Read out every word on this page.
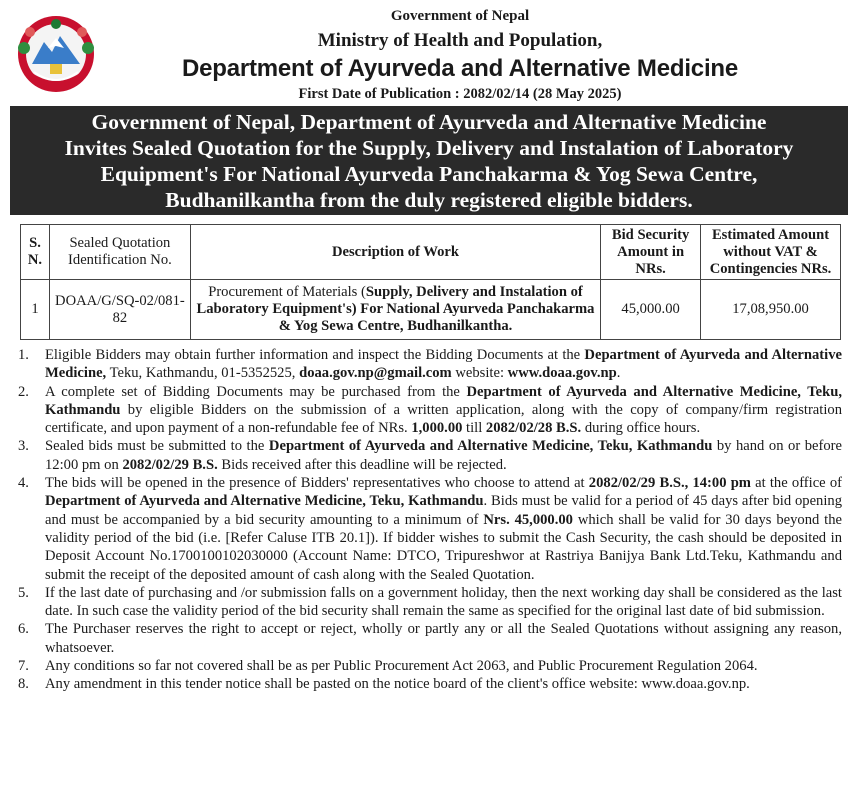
Government of Nepal
Ministry of Health and Population,
Department of Ayurveda and Alternative Medicine
First Date of Publication : 2082/02/14 (28 May 2025)
Government of Nepal, Department of Ayurveda and Alternative Medicine
Invites Sealed Quotation for the Supply, Delivery and Instalation of Laboratory
Equipment's For National Ayurveda Panchakarma & Yog Sewa Centre,
Budhanilkantha from the duly registered eligible bidders.
S. N.	Sealed Quotation Identification No.	Description of Work	Bid Security Amount in NRs.	Estimated Amount without VAT & Contingencies NRs.
1	DOAA/G/SQ-02/081-82	Procurement of Materials (Supply, Delivery and Instalation of Laboratory Equipment's) For National Ayurveda Panchakarma & Yog Sewa Centre, Budhanilkantha.	45,000.00	17,08,950.00
1. Eligible Bidders may obtain further information and inspect the Bidding Documents at the Department of Ayurveda and Alternative Medicine, Teku, Kathmandu, 01-5352525, doaa.gov.np@gmail.com website: www.doaa.gov.np.
2. A complete set of Bidding Documents may be purchased from the Department of Ayurveda and Alternative Medicine, Teku, Kathmandu by eligible Bidders on the submission of a written application, along with the copy of company/firm registration certificate, and upon payment of a non-refundable fee of NRs. 1,000.00 till 2082/02/28 B.S. during office hours.
3. Sealed bids must be submitted to the Department of Ayurveda and Alternative Medicine, Teku, Kathmandu by hand on or before 12:00 pm on 2082/02/29 B.S. Bids received after this deadline will be rejected.
4. The bids will be opened in the presence of Bidders' representatives who choose to attend at 2082/02/29 B.S., 14:00 pm at the office of Department of Ayurveda and Alternative Medicine, Teku, Kathmandu. Bids must be valid for a period of 45 days after bid opening and must be accompanied by a bid security amounting to a minimum of Nrs. 45,000.00 which shall be valid for 30 days beyond the validity period of the bid (i.e. [Refer Caluse ITB 20.1]). If bidder wishes to submit the Cash Security, the cash should be deposited in Deposit Account No.1700100102030000 (Account Name: DTCO, Tripureshwor at Rastriya Banijya Bank Ltd.Teku, Kathmandu and submit the receipt of the deposited amount of cash along with the Sealed Quotation.
5. If the last date of purchasing and /or submission falls on a government holiday, then the next working day shall be considered as the last date. In such case the validity period of the bid security shall remain the same as specified for the original last date of bid submission.
6. The Purchaser reserves the right to accept or reject, wholly or partly any or all the Sealed Quotations without assigning any reason, whatsoever.
7. Any conditions so far not covered shall be as per Public Procurement Act 2063, and Public Procurement Regulation 2064.
8. Any amendment in this tender notice shall be pasted on the notice board of the client's office website: www.doaa.gov.np.
